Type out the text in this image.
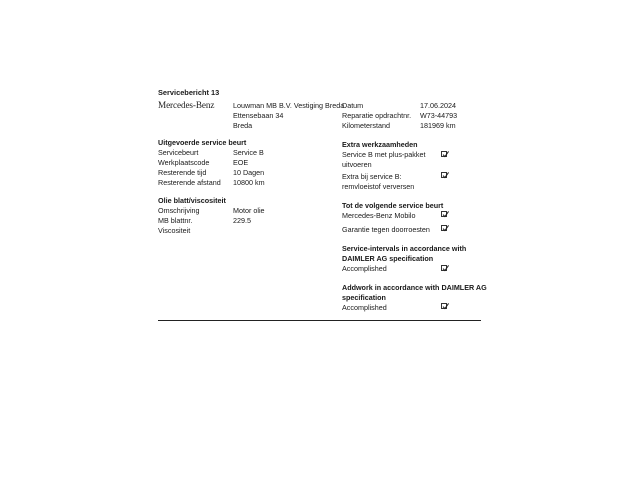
Servicebericht 13
Mercedes-Benz	Louwman MB B.V. Vestiging Breda
Ettensebaan 34
Breda
Datum	17.06.2024
Reparatie opdrachtnr. W73-44793
Kilometerstand	181969 km
Uitgevoerde service beurt
Servicebeurt	Service B
Werkplaatscode	EOE
Resterende tijd	10 Dagen
Resterende afstand 10800 km
Olie blatt/viscositeit
Omschrijving	Motor olie
MB blattnr.	229.5
Viscositeit
Extra werkzaamheden
Service B met plus-pakket
uitvoeren
Extra bij service B:
remvloeistof verversen
Tot de volgende service beurt
Mercedes-Benz Mobilo
Garantie tegen doorroesten
Service-intervals in accordance with
DAIMLER AG specification
Accomplished
Addwork in accordance with DAIMLER AG
specification
Accomplished
